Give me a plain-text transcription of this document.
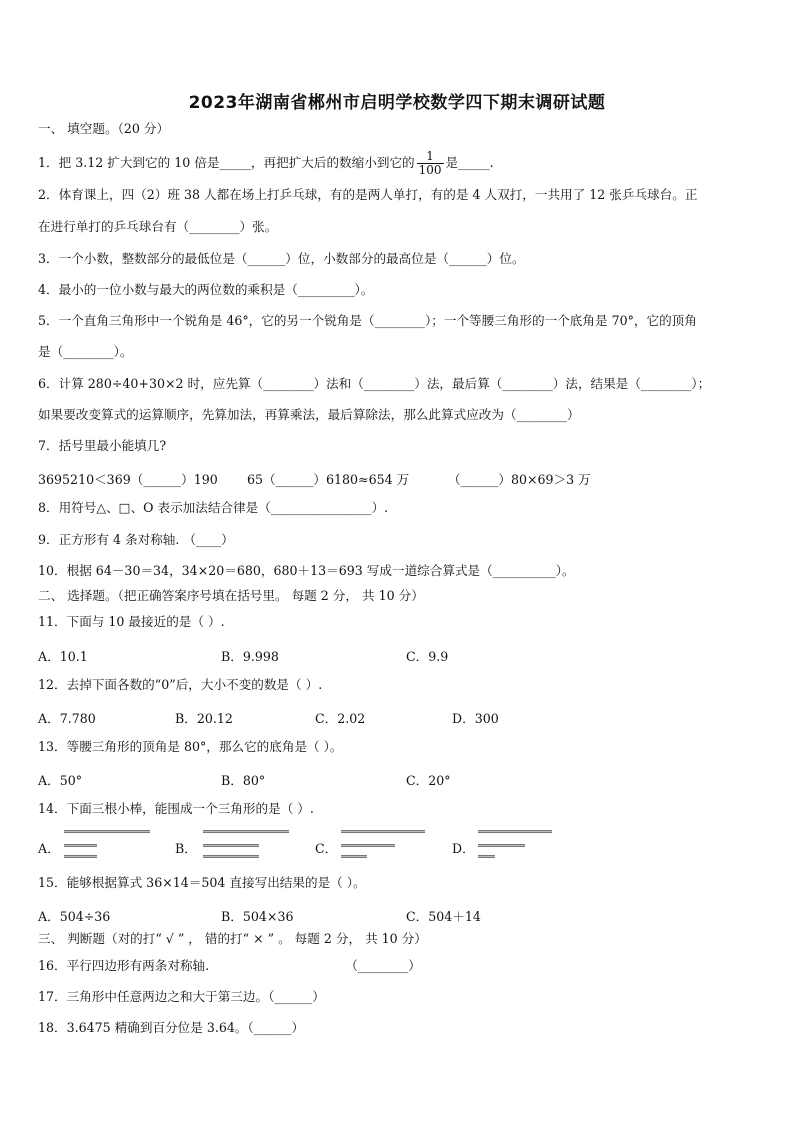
2023年湖南省郴州市启明学校数学四下期末调研试题
一、 填空题。（20 分）
1．把 3.12 扩大到它的 10 倍是_____，再把扩大后的数缩小到它的 $\frac{1}{100}$ 是_____.
2．体育课上，四（2）班 38 人都在场上打乒乓球，有的是两人单打，有的是 4 人双打，一共用了 12 张乒乓球台。正
在进行单打的乒乓球台有（________）张。
3．一个小数，整数部分的最低位是（______）位，小数部分的最高位是（______）位。
4．最小的一位小数与最大的两位数的乘积是（_________）。
5．一个直角三角形中一个锐角是 46°，它的另一个锐角是（________）；一个等腰三角形的一个底角是 70°，它的顶角
是（________）。
6．计算 280÷40+30×2 时，应先算（________）法和（________）法，最后算（________）法，结果是（________）；
如果要改变算式的运算顺序，先算加法，再算乘法，最后算除法，那么此算式应改为（________）
7．括号里最小能填几?
3695210＜369（______）190 65（______）6180≈654 万	（______）80×69＞3 万
8．用符号△、□、O 表示加法结合律是（________________）.
9．正方形有 4 条对称轴. （____）
10．根据 64－30＝34，34×20＝680，680＋13＝693 写成一道综合算式是（__________）。
二、 选择题。（把正确答案序号填在括号里。 每题 2 分， 共 10 分）
11．下面与 10 最接近的是（ ）.
A．10.1	B．9.998	C．9.9
12．去掉下面各数的“0”后，大小不变的数是（ ）.
A．7.780	B．20.12	C．2.02	D．300
13．等腰三角形的顶角是 80°，那么它的底角是（ ）。
A．50°	B．80°	C．20°
14．下面三根小棒，能围成一个三角形的是（ ）.
A．	B．	C．	D．
15．能够根据算式 36×14＝504 直接写出结果的是（ ）。
A．504÷36	B．504×36	C．504＋14
三、 判断题（对的打“ √ ” ， 错的打“ × ” 。 每题 2 分， 共 10 分）
16．平行四边形有两条对称轴.                                  （________）
17．三角形中任意两边之和大于第三边。（______）
18．3.6475 精确到百分位是 3.64。（______）
